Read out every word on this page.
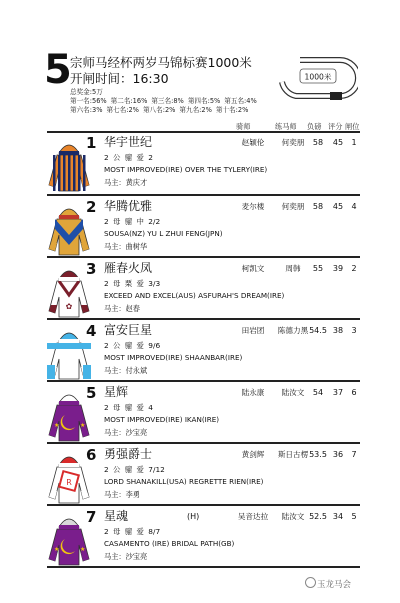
5
宗师马经杯两岁马锦标赛1000米
开闸时间：16:30
总奖金:5万
第一名:56% 第二名:16% 第三名:8% 第四名:5% 第五名:4%
第六名:3% 第七名:2% 第八名:2% 第九名:2% 第十名:2%
1000米
骑师	练马师 负磅 评分 闸位
1 华宇世纪	赵颖伦	何奕朋	58	45	1
2 公 骝 爱 2
MOST IMPROVED(IRE) OVER THE TYLERY(IRE)
马主：黄庆才
2 华腾优雅	麦尔楼	何奕朋	58	45	4
2 母 骝 中 2/2
SOUSA(NZ) YU L ZHUI FENG(JPN)
马主：曲树华
✿
3 雁春火凤	柯凯文	周韩	55	39	2
2 母 栗 爱 3/3
EXCEED AND EXCEL(AUS) ASFURAH'S DREAM(IRE)
马主：赵春
4 富安巨星	田岩团	陈德力黑 54.5 38	3
2 公 骝 爱 9/6
MOST IMPROVED(IRE) SHAANBAR(IRE)
马主：付永斌
★	★
5 星辉	陆永康	陆汝文	54	37	6
2 母 骝 爱 4
MOST IMPROVED(IRE) IKAN(IRE)
马主：沙宝亮
R
6 勇强爵士	黄剑辉	斯日古楞 53.5 36	7
2 公 骝 爱 7/12
LORD SHANAKILL(USA) REGRETTE RIEN(IRE)
马主：李勇
★	★
7 星魂	(H)	吴音达拉	陆汝文 52.5 34	5
2 母 骝 爱 8/7
CASAMENTO (IRE) BRIDAL PATH(GB)
马主：沙宝亮
玉龙马会
